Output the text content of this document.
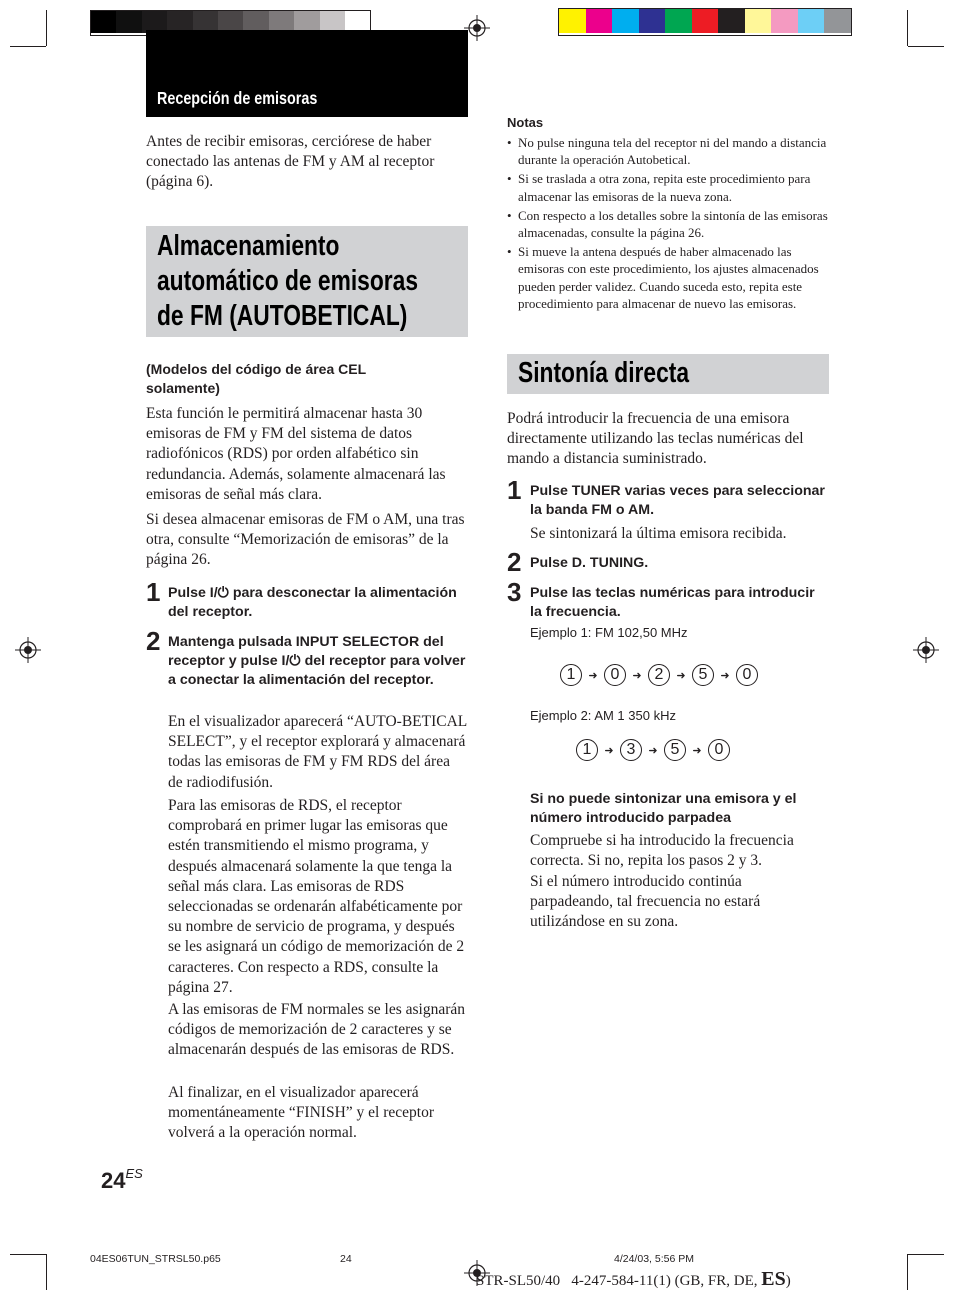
Recepción de emisoras
Antes de recibir emisoras, cerciórese de haber conectado las antenas de FM y AM al receptor (página 6).
Almacenamiento
automático de emisoras
de FM (AUTOBETICAL)
(Modelos del código de área CEL
solamente)
Esta función le permitirá almacenar hasta 30 emisoras de FM y FM del sistema de datos radiofónicos (RDS) por orden alfabético sin redundancia. Además, solamente almacenará las emisoras de señal más clara.
Si desea almacenar emisoras de FM o AM, una tras otra, consulte “Memorización de emisoras” de la página 26.
1 Pulse I/⏻ para desconectar la alimentación del receptor.
2 Mantenga pulsada INPUT SELECTOR del receptor y pulse I/⏻ del receptor para volver a conectar la alimentación del receptor.
En el visualizador aparecerá “AUTO-BETICAL SELECT”, y el receptor explorará y almacenará todas las emisoras de FM y FM RDS del área de radiodifusión.
Para las emisoras de RDS, el receptor comprobará en primer lugar las emisoras que estén transmitiendo el mismo programa, y después almacenará solamente la que tenga la señal más clara. Las emisoras de RDS seleccionadas se ordenarán alfabéticamente por su nombre de servicio de programa, y después se les asignará un código de memorización de 2 caracteres. Con respecto a RDS, consulte la página 27.
A las emisoras de FM normales se les asignarán códigos de memorización de 2 caracteres y se almacenarán después de las emisoras de RDS.
Al finalizar, en el visualizador aparecerá momentáneamente “FINISH” y el receptor volverá a la operación normal.
Notas
• No pulse ninguna tela del receptor ni del mando a distancia durante la operación Autobetical.
• Si se traslada a otra zona, repita este procedimiento para almacenar las emisoras de la nueva zona.
• Con respecto a los detalles sobre la sintonía de las emisoras almacenadas, consulte la página 26.
• Si mueve la antena después de haber almacenado las emisoras con este procedimiento, los ajustes almacenados pueden perder validez. Cuando suceda esto, repita este procedimiento para almacenar de nuevo las emisoras.
Sintonía directa
Podrá introducir la frecuencia de una emisora directamente utilizando las teclas numéricas del mando a distancia suministrado.
1 Pulse TUNER varias veces para seleccionar la banda FM o AM.
Se sintonizará la última emisora recibida.
2 Pulse D. TUNING.
3 Pulse las teclas numéricas para introducir la frecuencia.
Ejemplo 1: FM 102,50 MHz
1	➜ 0	➜ 2	➜ 5	➜ 0
Ejemplo 2: AM 1 350 kHz
1	➜ 3	➜ 5	➜ 0
Si no puede sintonizar una emisora y el número introducido parpadea
Compruebe si ha introducido la frecuencia correcta. Si no, repita los pasos 2 y 3.
Si el número introducido continúa parpadeando, tal frecuencia no estará utilizándose en su zona.
$24^{ES}$
04ES06TUN_STRSL50.p65	24	4/24/03, 5:56 PM
STR-SL50/40   4-247-584-11(1) (GB, FR, DE, ES)
